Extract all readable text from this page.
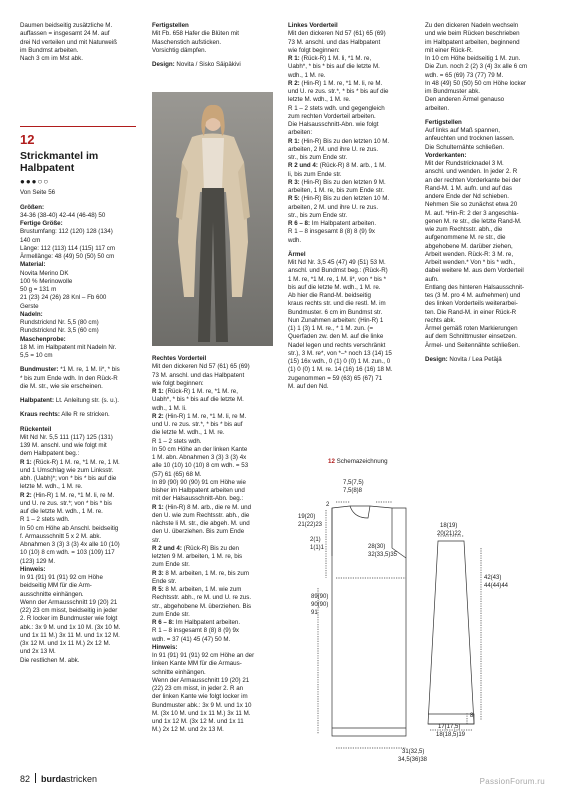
Daumen beidseitig zusätzliche M.

auffassen = insgesamt 24 M. auf

drei Nd verteilen und mit Naturweiß

im Bundmst arbeiten.

Nach 3 cm im Mst abk.

12
Strickmantel im
Halbpatent
●●●○○

Von Seite 56

Größen:

34-36 (38-40) 42-44 (46-48) 50

Fertige Größe:

Brustumfang: 112 (120) 128 (134)

140 cm

Länge: 112 (113) 114 (115) 117 cm

Ärmellänge: 48 (49) 50 (50) 50 cm

Material:

Novita Merino DK

100 % Merinowolle

50 g = 131 m

21 (23) 24 (26) 28 Knl – Fb 600

Gerste

Nadeln:

Rundstricknd Nr. 5,5 (80 cm)

Rundstricknd Nr. 3,5 (60 cm)

Maschenprobe:

18 M. im Halbpatent mit Nadeln Nr.

5,5 = 10 cm

Bundmuster: *1 M. re, 1 M. li*, * bis

* bis zum Ende wdh. In den Rück-R

die M. str., wie sie erscheinen.

Halbpatent: Lt. Anleitung str. (s. u.).

Kraus rechts: Alle R re stricken.

Rückenteil

Mit Nd Nr. 5,5 111 (117) 125 (131)

139 M. anschl. und wie folgt mit

dem Halbpatent beg.:

R 1: (Rück-R) 1 M. re, *1 M. re, 1 M.

und 1 Umschlag wie zum Linksstr.

abh. (Uabh)*; von * bis * bis auf die

letzte M. wdh., 1 M. re.

R 2: (Hin-R) 1 M. re, *1 M. li, re M.

und U. re zus. str.*; von * bis * bis

auf die letzte M. wdh., 1 M. re.

R 1 – 2 stets wdh.

In 50 cm Höhe ab Anschl. beidseitig

f. Armausschnitt 5 x 2 M. abk.

Abnahmen 3 (3) 3 (3) 4x alle 10 (10)

10 (10) 8 cm wdh. = 103 (109) 117

(123) 129 M.

Hinweis:

In 91 (91) 91 (91) 92 cm Höhe

beidseitig MM für die Arm-

ausschnitte einhängen.

Wenn der Armausschnitt 19 (20) 21

(22) 23 cm misst, beidseitig in jeder

2. R locker im Bundmuster wie folgt

abk.: 3x 9 M. und 1x 10 M. (3x 10 M.

und 1x 11 M.) 3x 11 M. und 1x 12 M.

(3x 12 M. und 1x 11 M.) 2x 12 M.

und 2x 13 M.

Die restlichen M. abk.

Fertigstellen

Mit Fb. 658 Hafer die Blüten mit

Maschenstich aufsticken.

Vorsichtig dämpfen.

Design: Novita / Sisko Säipäkivi

Rechtes Vorderteil

Mit den dickeren Nd 57 (61) 65 (69)

73 M. anschl. und das Halbpatent

wie folgt beginnen:

R 1: (Rück-R) 1 M. re, *1 M. re,

Uabh*, * bis * bis auf die letzte M.

wdh., 1 M. li.

R 2: (Hin-R) 1 M. re, *1 M. li, re M.

und U. re zus. str.*, * bis * bis auf

die letzte M. wdh., 1 M. re.

R 1 – 2 stets wdh.

In 50 cm Höhe an der linken Kante

1 M. abn. Abnahmen 3 (3) 3 (3) 4x

alle 10 (10) 10 (10) 8 cm wdh. = 53

(57) 61 (65) 68 M.

In 89 (90) 90 (90) 91 cm Höhe wie

bisher im Halbpatent arbeiten und

mit der Halsausschnitt-Abn. beg.:

R 1: (Hin-R) 8 M. arb., die re M. und

den U. wie zum Rechtsstr. abh., die

nächste li M. str., die abgeh. M. und

den U. überziehen. Bis zum Ende

str.

R 2 und 4: (Rück-R) Bis zu den

letzten 9 M. arbeiten, 1 M. re, bis

zum Ende str.

R 3: 8 M. arbeiten, 1 M. re, bis zum

Ende str.

R 5: 8 M. arbeiten, 1 M. wie zum

Rechtsstr. abh., re M. und U. re zus.

str., abgehobene M. überziehen. Bis

zum Ende str.

R 6 – 8: Im Halbpatent arbeiten.

R 1 – 8 insgesamt 8 (8) 8 (9) 9x

wdh. = 37 (41) 45 (47) 50 M.

Hinweis:

In 91 (91) 91 (91) 92 cm Höhe an der

linken Kante MM für die Armaus-

schnitte einhängen.

Wenn der Armausschnitt 19 (20) 21

(22) 23 cm misst, in jeder 2. R an

der linken Kante wie folgt locker im

Bundmuster abk.: 3x 9 M. und 1x 10

M. (3x 10 M. und 1x 11 M.) 3x 11 M.

und 1x 12 M. (3x 12 M. und 1x 11

M.) 2x 12 M. und 2x 13 M.

Linkes Vorderteil

Mit den dickeren Nd 57 (61) 65 (69)

73 M. anschl. und das Halbpatent

wie folgt beginnen:

R 1: (Rück-R) 1 M. li, *1 M. re,

Uabh*, * bis * bis auf die letzte M.

wdh., 1 M. re.

R 2: (Hin-R) 1 M. re, *1 M. li, re M.

und U. re zus. str.*, * bis * bis auf die

letzte M. wdh., 1 M. re.

R 1 – 2 stets wdh. und gegengleich

zum rechten Vorderteil arbeiten.

Die Halsausschnitt-Abn. wie folgt

arbeiten:

R 1: (Hin-R) Bis zu den letzten 10 M.

arbeiten, 2 M. und ihre U. re zus.

str., bis zum Ende str.

R 2 und 4: (Rück-R) 8 M. arb., 1 M.

li, bis zum Ende str.

R 3: (Hin-R) Bis zu den letzten 9 M.

arbeiten, 1 M. re, bis zum Ende str.

R 5: (Hin-R) Bis zu den letzten 10 M.

arbeiten, 2 M. und ihre U. re zus.

str., bis zum Ende str.

R 6 – 8: Im Halbpatent arbeiten.

R 1 – 8 insgesamt 8 (8) 8 (9) 9x

wdh.

Ärmel

Mit Nd Nr. 3,5 45 (47) 49 (51) 53 M.

anschl. und Bundmst beg.: (Rück-R)

1 M. re, *1 M. re, 1 M. li*, von * bis *

bis auf die letzte M. wdh., 1 M. re.

Ab hier die Rand-M. beidseitig

kraus rechts str. und die restl. M. im

Bundmuster. 6 cm im Bundmst str.

Nun Zunahmen arbeiten: (Hin-R) 1

(1) 1 (3) 1 M. re., * 1 M. zun. (=

Querfaden zw. den M. auf die linke

Nadel legen und rechts verschränkt

str.), 3 M. re*, von *–* noch 13 (14) 15

(15) 16x wdh., 0 (1) 0 (0) 1 M. zun., 0

(1) 0 (0) 1 M. re. 14 (16) 16 (16) 18 M.

zugenommen = 59 (63) 65 (67) 71

M. auf den Nd.

Zu den dickeren Nadeln wechseln

und wie beim Rücken beschrieben

im Halbpatent arbeiten, beginnend

mit einer Rück-R.

In 10 cm Höhe beidseitig 1 M. zun.

Die Zun. noch 2 (2) 3 (4) 3x alle 6 cm

wdh. = 65 (69) 73 (77) 79 M.

In 48 (49) 50 (50) 50 cm Höhe locker

im Bundmuster abk.

Den anderen Ärmel genauso

arbeiten.

Fertigstellen

Auf links auf Maß spannen,

anfeuchten und trocknen lassen.

Die Schulternähte schließen.

Vorderkanten:

Mit der Rundstricknadel 3 M.

anschl. und wenden. In jeder 2. R

an der rechten Vorderkante bei der

Rand-M. 1 M. aufn. und auf das

andere Ende der Nd schieben.

Nehmen Sie so zunächst etwa 20

M. auf. *Hin-R: 2 der 3 angeschla-

genen M. re str., die letzte Rand-M.

wie zum Rechtsstr. abh., die

aufgenommene M. re str., die

abgehobene M. darüber ziehen,

Arbeit wenden. Rück-R: 3 M. re,

Arbeit wenden.* Von * bis * wdh.,

dabei weitere M. aus dem Vorderteil

aufn.

Entlang des hinteren Halsausschnit-

tes (3 M. pro 4 M. aufnehmen) und

des linken Vorderteils weiterarbei-

ten. Die Rand-M. in einer Rück-R

rechts abk.

Ärmel gemäß roten Markierungen

auf dem Schnittmuster einsetzen.

Ärmel- und Seitennähte schließen.

Design: Novita / Lea Petäjä

12 Schemazeichnung
7,5(7,5)
7,5(8)8
2
19(20)
21(22)23
2(1)
1(1)1	28(30)
32(33,5)35
89(90)
90(90)
91
31(32,5)
34,5(36)38
18(19)
20(21)22
42(43)
44(44)44
8
17(17,5)
18(18,5)19
82 burdastricken	PassionForum.ru
